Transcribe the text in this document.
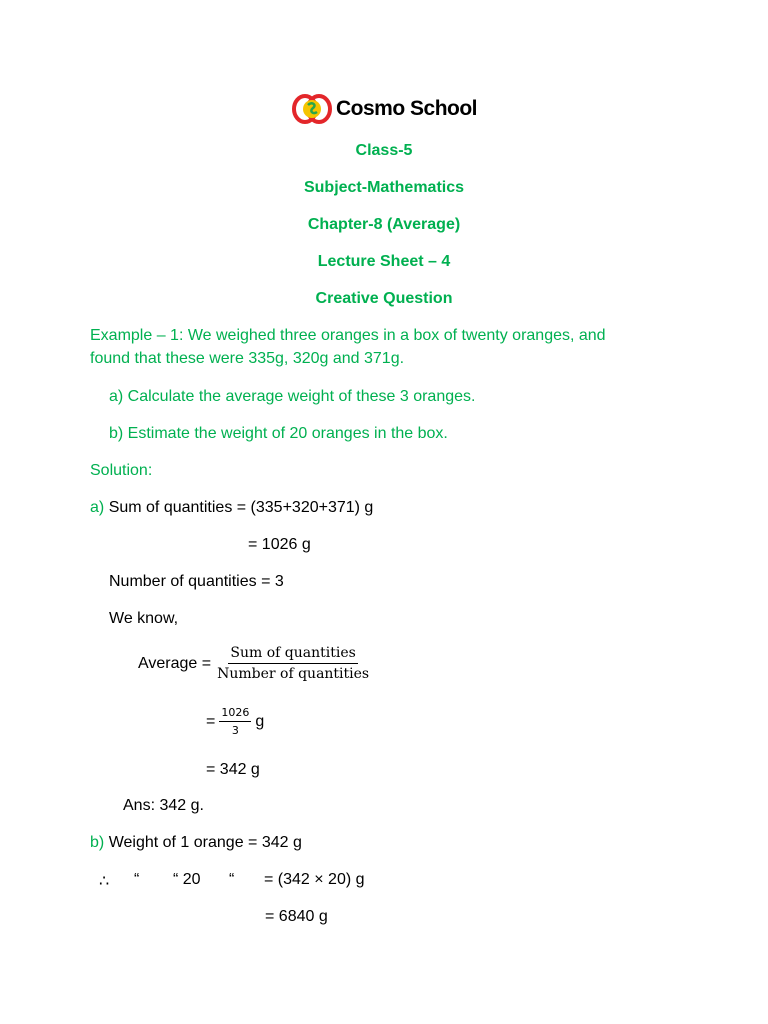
Cosmo School
Class-5
Subject-Mathematics
Chapter-8 (Average)
Lecture Sheet – 4
Creative Question
Example – 1: We weighed three oranges in a box of twenty oranges, and
found that these were 335g, 320g and 371g.
a) Calculate the average weight of these 3 oranges.
b) Estimate the weight of 20 oranges in the box.
Solution:
a) Sum of quantities = (335+320+371) g
= 1026 g
Number of quantities = 3
We know,
Average = $\frac{\text{Sum of quantities}}{\text{Number of quantities}}$
= $\frac{1026}{3}$ g
= 342 g
Ans: 342 g.
b) Weight of 1 orange = 342 g
∴ “ “ 20 “ = (342 × 20) g
= 6840 g
